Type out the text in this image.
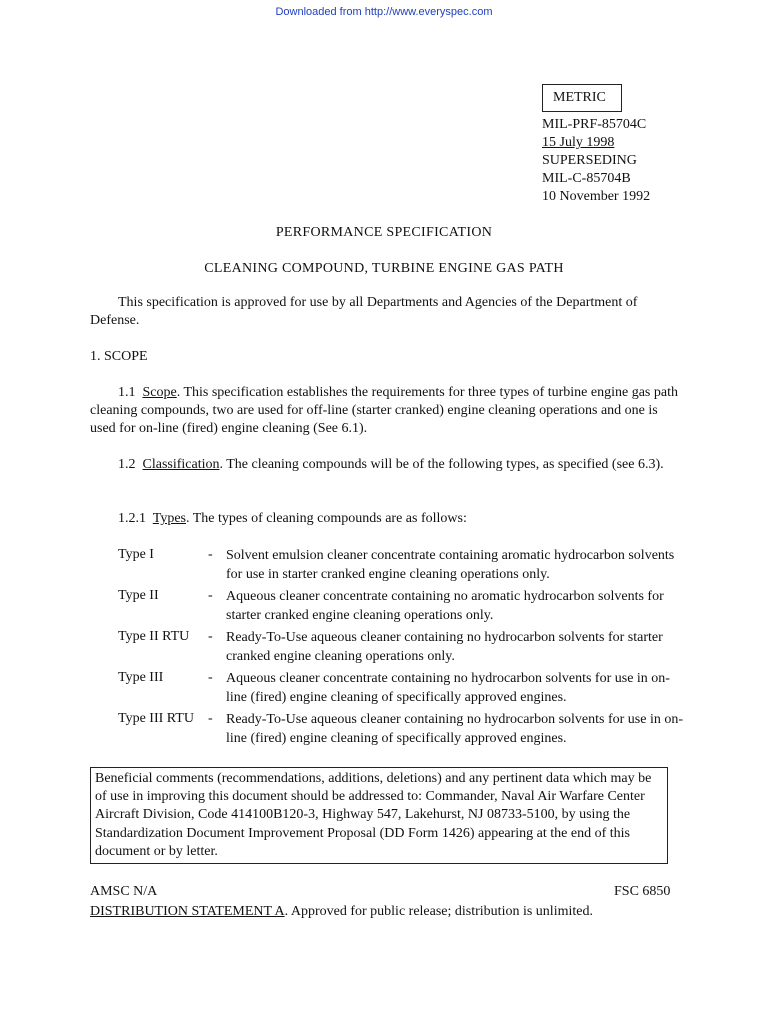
Downloaded from http://www.everyspec.com
METRIC
MIL-PRF-85704C
15 July 1998
SUPERSEDING
MIL-C-85704B
10 November 1992
PERFORMANCE SPECIFICATION
CLEANING COMPOUND, TURBINE ENGINE GAS PATH
This specification is approved for use by all Departments and Agencies of the Department of Defense.
1. SCOPE
1.1 Scope. This specification establishes the requirements for three types of turbine engine gas path cleaning compounds, two are used for off-line (starter cranked) engine cleaning operations and one is used for on-line (fired) engine cleaning (See 6.1).
1.2 Classification. The cleaning compounds will be of the following types, as specified (see 6.3).
1.2.1 Types. The types of cleaning compounds are as follows:
Type I	- Solvent emulsion cleaner concentrate containing aromatic hydrocarbon solvents for use in starter cranked engine cleaning operations only.
Type II	- Aqueous cleaner concentrate containing no aromatic hydrocarbon solvents for starter cranked engine cleaning operations only.
Type II RTU - Ready-To-Use aqueous cleaner containing no hydrocarbon solvents for starter cranked engine cleaning operations only.
Type III	- Aqueous cleaner concentrate containing no hydrocarbon solvents for use in on-line (fired) engine cleaning of specifically approved engines.
Type III RTU - Ready-To-Use aqueous cleaner containing no hydrocarbon solvents for use in on-line (fired) engine cleaning of specifically approved engines.
Beneficial comments (recommendations, additions, deletions) and any pertinent data which may be of use in improving this document should be addressed to: Commander, Naval Air Warfare Center Aircraft Division, Code 414100B120-3, Highway 547, Lakehurst, NJ 08733-5100, by using the Standardization Document Improvement Proposal (DD Form 1426) appearing at the end of this document or by letter.
AMSC N/A	FSC 6850
DISTRIBUTION STATEMENT A. Approved for public release; distribution is unlimited.
